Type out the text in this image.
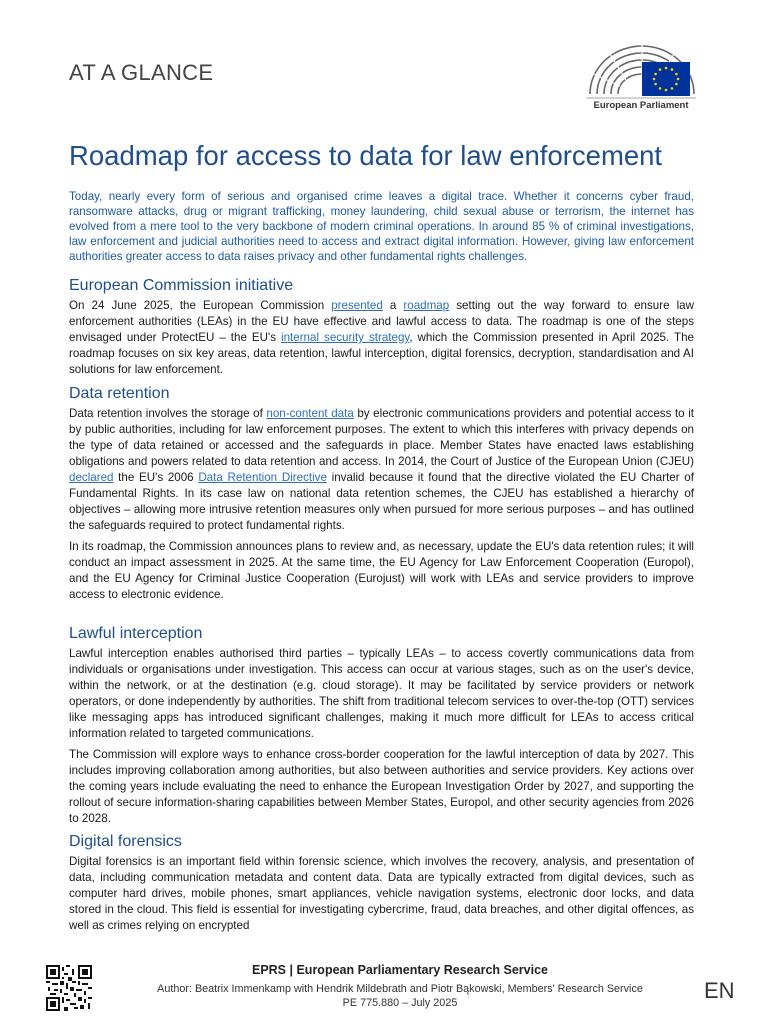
AT A GLANCE
European Parliament
Roadmap for access to data for law enforcement

Today, nearly every form of serious and organised crime leaves a digital trace. Whether it concerns cyber fraud, ransomware attacks, drug or migrant trafficking, money laundering, child sexual abuse or terrorism, the internet has evolved from a mere tool to the very backbone of modern criminal operations. In around 85 % of criminal investigations, law enforcement and judicial authorities need to access and extract digital information. However, giving law enforcement authorities greater access to data raises privacy and other fundamental rights challenges.

European Commission initiative

On 24 June 2025, the European Commission presented a roadmap setting out the way forward to ensure law enforcement authorities (LEAs) in the EU have effective and lawful access to data. The roadmap is one of the steps envisaged under ProtectEU – the EU's internal security strategy, which the Commission presented in April 2025. The roadmap focuses on six key areas, data retention, lawful interception, digital forensics, decryption, standardisation and AI solutions for law enforcement.

Data retention

Data retention involves the storage of non-content data by electronic communications providers and potential access to it by public authorities, including for law enforcement purposes. The extent to which this interferes with privacy depends on the type of data retained or accessed and the safeguards in place. Member States have enacted laws establishing obligations and powers related to data retention and access. In 2014, the Court of Justice of the European Union (CJEU) declared the EU's 2006 Data Retention Directive invalid because it found that the directive violated the EU Charter of Fundamental Rights. In its case law on national data retention schemes, the CJEU has established a hierarchy of objectives – allowing more intrusive retention measures only when pursued for more serious purposes – and has outlined the safeguards required to protect fundamental rights.

In its roadmap, the Commission announces plans to review and, as necessary, update the EU's data retention rules; it will conduct an impact assessment in 2025. At the same time, the EU Agency for Law Enforcement Cooperation (Europol), and the EU Agency for Criminal Justice Cooperation (Eurojust) will work with LEAs and service providers to improve access to electronic evidence.

Lawful interception

Lawful interception enables authorised third parties – typically LEAs – to access covertly communications data from individuals or organisations under investigation. This access can occur at various stages, such as on the user's device, within the network, or at the destination (e.g. cloud storage). It may be facilitated by service providers or network operators, or done independently by authorities. The shift from traditional telecom services to over-the-top (OTT) services like messaging apps has introduced significant challenges, making it much more difficult for LEAs to access critical information related to targeted communications.

The Commission will explore ways to enhance cross-border cooperation for the lawful interception of data by 2027. This includes improving collaboration among authorities, but also between authorities and service providers. Key actions over the coming years include evaluating the need to enhance the European Investigation Order by 2027, and supporting the rollout of secure information-sharing capabilities between Member States, Europol, and other security agencies from 2026 to 2028.

Digital forensics

Digital forensics is an important field within forensic science, which involves the recovery, analysis, and presentation of data, including communication metadata and content data. Data are typically extracted from digital devices, such as computer hard drives, mobile phones, smart appliances, vehicle navigation systems, electronic door locks, and data stored in the cloud. This field is essential for investigating cybercrime, fraud, data breaches, and other digital offences, as well as crimes relying on encrypted

EPRS | European Parliamentary Research Service

Author: Beatrix Immenkamp with Hendrik Mildebrath and Piotr Bąkowski, Members' Research Service

PE 775.880 – July 2025	EN
